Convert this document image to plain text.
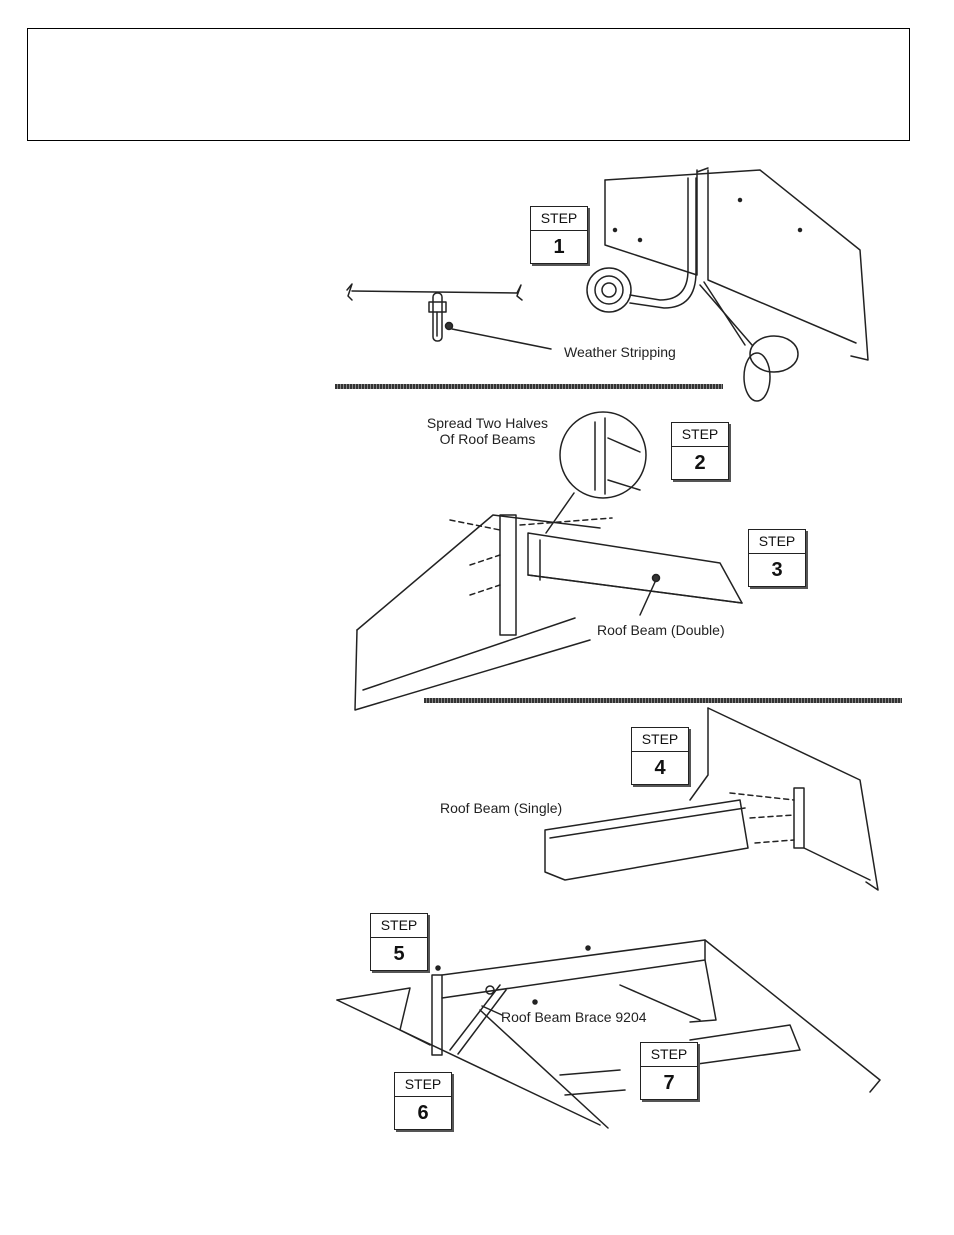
STEP
1
STEP
2
STEP
3
STEP
4
STEP
5
STEP
6
STEP
7
Weather Stripping
Spread Two Halves
Of Roof Beams
Roof Beam (Double)
Roof Beam (Single)
Roof Beam Brace 9204
